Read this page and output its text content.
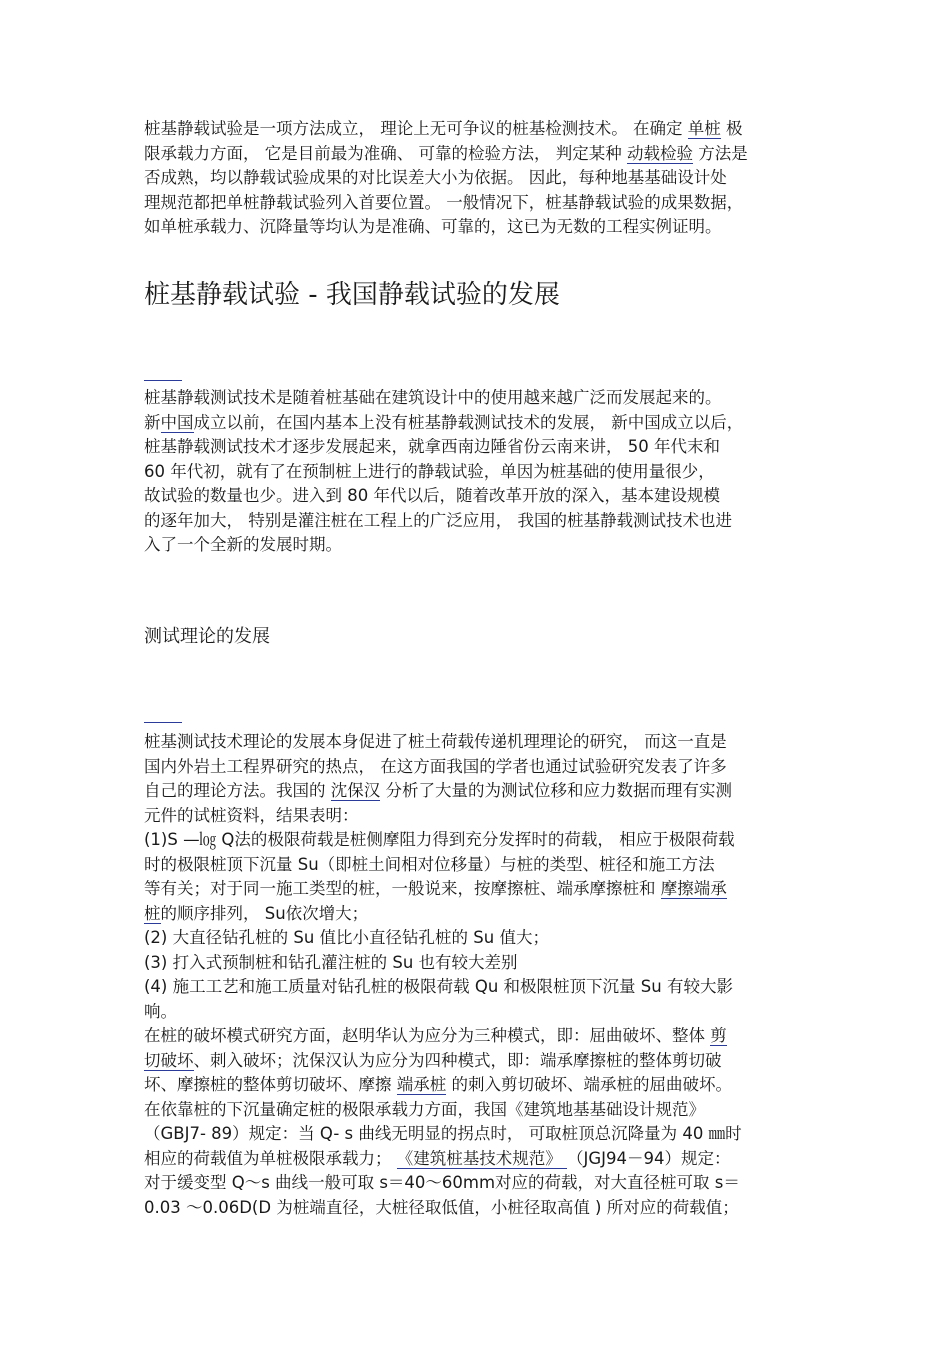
桩基静载试验是一项方法成立， 理论上无可争议的桩基检测技术。 在确定 单桩 极
限承载力方面， 它是目前最为准确、 可靠的检验方法， 判定某种 动载检验 方法是
否成熟，均以静载试验成果的对比误差大小为依据。 因此，每种地基基础设计处
理规范都把单桩静载试验列入首要位置。 一般情况下，桩基静载试验的成果数据，
如单桩承载力、沉降量等均认为是准确、可靠的，这已为无数的工程实例证明。
桩基静载试验 - 我国静载试验的发展
桩基静载测试技术是随着桩基础在建筑设计中的使用越来越广泛而发展起来的。
新中国成立以前，在国内基本上没有桩基静载测试技术的发展， 新中国成立以后，
桩基静载测试技术才逐步发展起来，就拿西南边陲省份云南来讲， 50 年代末和
60 年代初，就有了在预制桩上进行的静载试验，单因为桩基础的使用量很少，
故试验的数量也少。进入到 80 年代以后，随着改革开放的深入，基本建设规模
的逐年加大， 特别是灌注桩在工程上的广泛应用， 我国的桩基静载测试技术也进
入了一个全新的发展时期。
测试理论的发展
桩基测试技术理论的发展本身促进了桩土荷载传递机理理论的研究， 而这一直是
国内外岩土工程界研究的热点， 在这方面我国的学者也通过试验研究发表了许多
自己的理论方法。我国的 沈保汉 分析了大量的为测试位移和应力数据而理有实测
元件的试桩资料，结果表明：
(1)S —㏒ Q法的极限荷载是桩侧摩阻力得到充分发挥时的荷载， 相应于极限荷载
时的极限桩顶下沉量 Su（即桩土间相对位移量）与桩的类型、桩径和施工方法
等有关；对于同一施工类型的桩，一般说来，按摩擦桩、端承摩擦桩和 摩擦端承
桩的顺序排列， Su依次增大；
(2) 大直径钻孔桩的 Su 值比小直径钻孔桩的 Su 值大；
(3) 打入式预制桩和钻孔灌注桩的 Su 也有较大差别
(4) 施工工艺和施工质量对钻孔桩的极限荷载 Qu 和极限桩顶下沉量 Su 有较大影
响。
在桩的破坏模式研究方面，赵明华认为应分为三种模式，即：屈曲破坏、整体 剪
切破坏、刺入破坏；沈保汉认为应分为四种模式，即：端承摩擦桩的整体剪切破
坏、摩擦桩的整体剪切破坏、摩擦 端承桩 的刺入剪切破坏、端承桩的屈曲破坏。
在依靠桩的下沉量确定桩的极限承载力方面，我国《建筑地基基础设计规范》
（GBJ7- 89）规定：当 Q- s 曲线无明显的拐点时， 可取桩顶总沉降量为 40 ㎜时
相应的荷载值为单桩极限承载力； 《建筑桩基技术规范》 （JGJ94－94）规定：
对于缓变型 Q～s 曲线一般可取 s＝40～60mm对应的荷载，对大直径桩可取 s＝
0.03 ～0.06D(D 为桩端直径，大桩径取低值，小桩径取高值 ) 所对应的荷载值；
